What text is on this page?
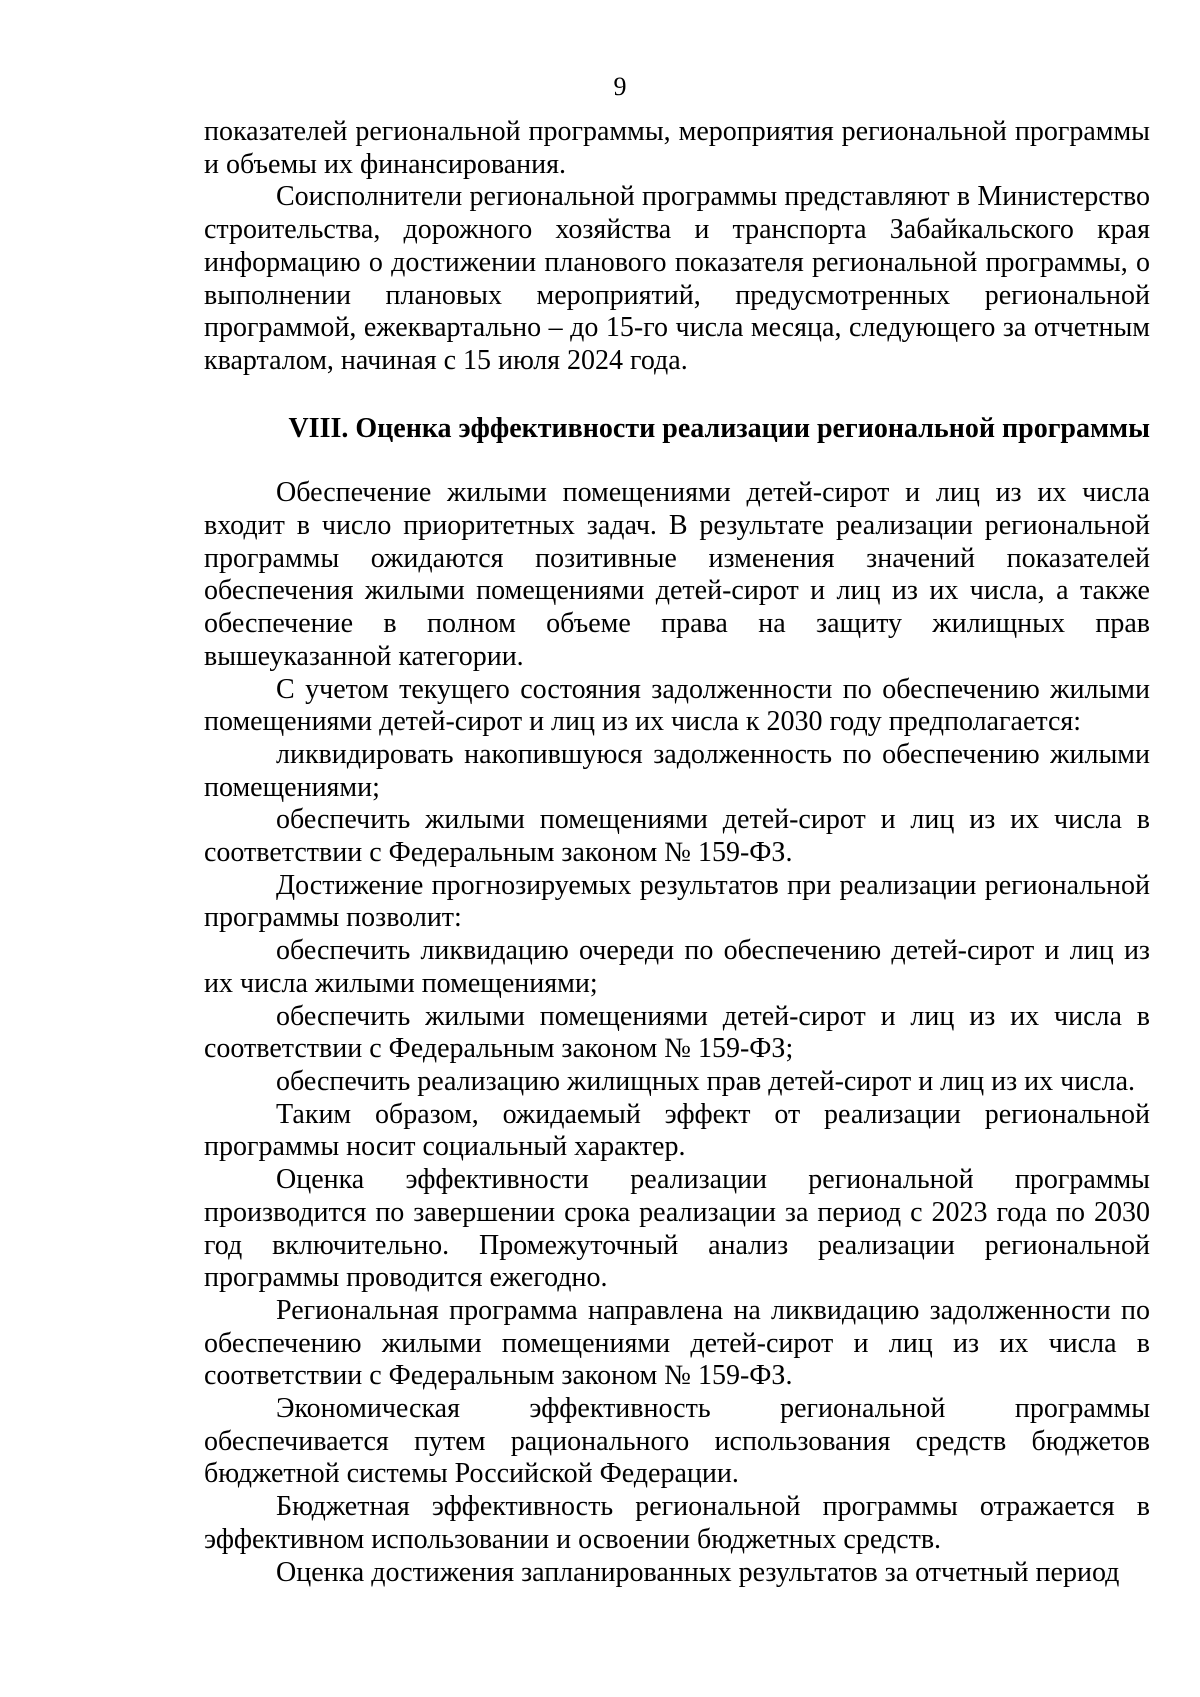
9

показателей региональной программы, мероприятия региональной программы и объемы их финансирования.

Соисполнители региональной программы представляют в Министерство строительства, дорожного хозяйства и транспорта Забайкальского края информацию о достижении планового показателя региональной программы, о выполнении плановых мероприятий, предусмотренных региональной программой, ежеквартально – до 15-го числа месяца, следующего за отчетным кварталом, начиная с 15 июля 2024 года.

VIII. Оценка эффективности реализации региональной программы

Обеспечение жилыми помещениями детей-сирот и лиц из их числа входит в число приоритетных задач. В результате реализации региональной программы ожидаются позитивные изменения значений показателей обеспечения жилыми помещениями детей-сирот и лиц из их числа, а также обеспечение в полном объеме права на защиту жилищных прав вышеуказанной категории.

С учетом текущего состояния задолженности по обеспечению жилыми помещениями детей-сирот и лиц из их числа к 2030 году предполагается:

ликвидировать накопившуюся задолженность по обеспечению жилыми помещениями;

обеспечить жилыми помещениями детей-сирот и лиц из их числа в соответствии с Федеральным законом № 159-ФЗ.

Достижение прогнозируемых результатов при реализации региональной программы позволит:

обеспечить ликвидацию очереди по обеспечению детей-сирот и лиц из их числа жилыми помещениями;

обеспечить жилыми помещениями детей-сирот и лиц из их числа в соответствии с Федеральным законом № 159-ФЗ;

обеспечить реализацию жилищных прав детей-сирот и лиц из их числа.

Таким образом, ожидаемый эффект от реализации региональной программы носит социальный характер.

Оценка эффективности реализации региональной программы производится по завершении срока реализации за период с 2023 года по 2030 год включительно. Промежуточный анализ реализации региональной программы проводится ежегодно.

Региональная программа направлена на ликвидацию задолженности по обеспечению жилыми помещениями детей-сирот и лиц из их числа в соответствии с Федеральным законом № 159-ФЗ.

Экономическая эффективность региональной программы обеспечивается путем рационального использования средств бюджетов бюджетной системы Российской Федерации.

Бюджетная эффективность региональной программы отражается в эффективном использовании и освоении бюджетных средств.

Оценка достижения запланированных результатов за отчетный период
